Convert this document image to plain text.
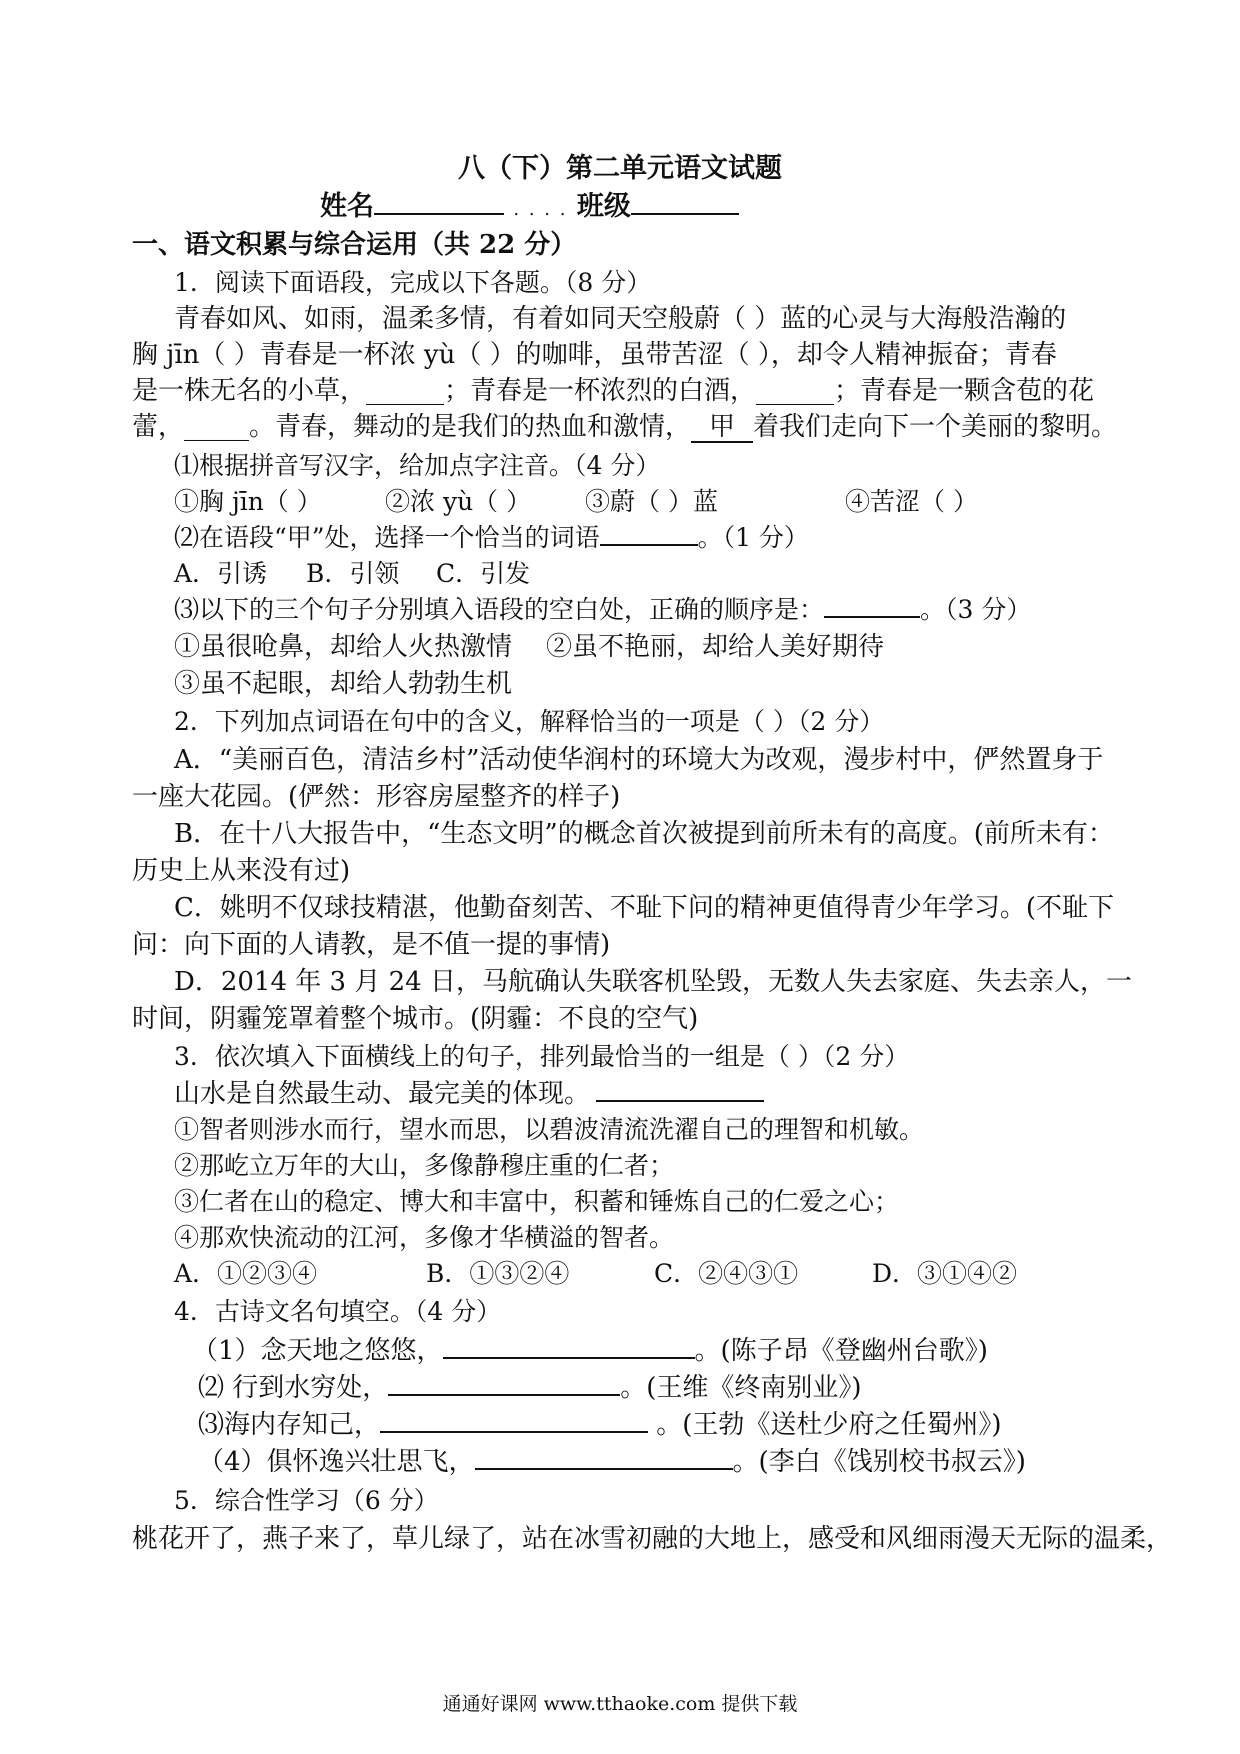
八（下）第二单元语文试题
姓名	. . . . 班级
一、语文积累与综合运用（共 22 分）
1．阅读下面语段，完成以下各题。（8 分）
青春如风、如雨，温柔多情，有着如同天空般蔚（ ）蓝的心灵与大海般浩瀚的
胸 jīn（ ）青春是一杯浓 yù（ ）的咖啡，虽带苦涩（ ），却令人精神振奋；青春
是一株无名的小草，______；青春是一杯浓烈的白酒，______；青春是一颗含苞的花
蕾，_____。青春，舞动的是我们的热血和激情， 甲 着我们走向下一个美丽的黎明。
⑴根据拼音写汉字，给加点字注音。（4 分）
①胸 jīn（ ）	②浓 yù（ ） ③蔚（ ）蓝	④苦涩（ ）
⑵在语段“甲”处，选择一个恰当的词语	。（1 分）
A．引诱 B．引领 C．引发
⑶以下的三个句子分别填入语段的空白处，正确的顺序是：	。（3 分）
①虽很呛鼻，却给人火热激情 ②虽不艳丽，却给人美好期待
③虽不起眼，却给人勃勃生机
2．下列加点词语在句中的含义，解释恰当的一项是（ ）（2 分）
A．“美丽百色，清洁乡村”活动使华润村的环境大为改观，漫步村中，俨然置身于
一座大花园。(俨然：形容房屋整齐的样子)
B．在十八大报告中，“生态文明”的概念首次被提到前所未有的高度。(前所未有：
历史上从来没有过)
C．姚明不仅球技精湛，他勤奋刻苦、不耻下问的精神更值得青少年学习。(不耻下
问：向下面的人请教，是不值一提的事情)
D．2014 年 3 月 24 日，马航确认失联客机坠毁，无数人失去家庭、失去亲人，一
时间，阴霾笼罩着整个城市。(阴霾：不良的空气)
3．依次填入下面横线上的句子，排列最恰当的一组是（ ）（2 分）
山水是自然最生动、最完美的体现。
①智者则涉水而行，望水而思，以碧波清流洗濯自己的理智和机敏。
②那屹立万年的大山，多像静穆庄重的仁者；
③仁者在山的稳定、博大和丰富中，积蓄和锤炼自己的仁爱之心；
④那欢快流动的江河，多像才华横溢的智者。
A．①②③④	B．①③②④	C．②④③①	D．③①④②
4．古诗文名句填空。（4 分）
（1）念天地之悠悠，	。(陈子昂《登幽州台歌》)
⑵ 行到水穷处，	。(王维《终南别业》)
⑶海内存知己，	。(王勃《送杜少府之任蜀州》)
（4）俱怀逸兴壮思飞，	。(李白《饯别校书叔云》)
5．综合性学习（6 分）
桃花开了，燕子来了，草儿绿了，站在冰雪初融的大地上，感受和风细雨漫天无际的温柔，
通通好课网 www.tthaoke.com 提供下载
